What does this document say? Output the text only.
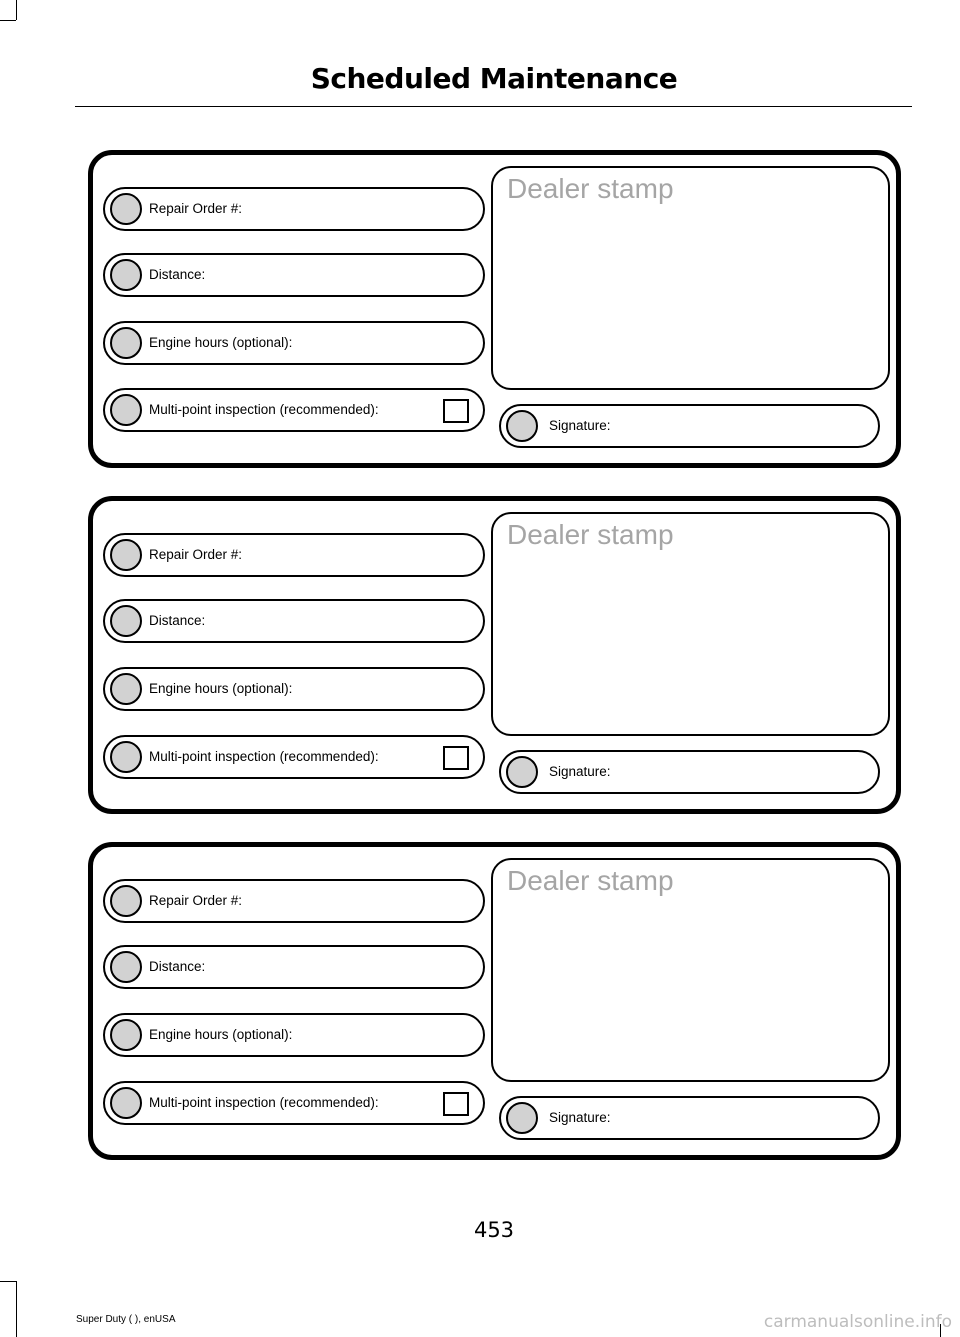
Scheduled Maintenance
Repair Order #:
Distance:
Engine hours (optional):
Multi-point inspection (recommended):
Dealer stamp
Signature:
Repair Order #:
Distance:
Engine hours (optional):
Multi-point inspection (recommended):
Dealer stamp
Signature:
Repair Order #:
Distance:
Engine hours (optional):
Multi-point inspection (recommended):
Dealer stamp
Signature:
453
Super Duty ( ), enUSA	carmanualsonline.info
